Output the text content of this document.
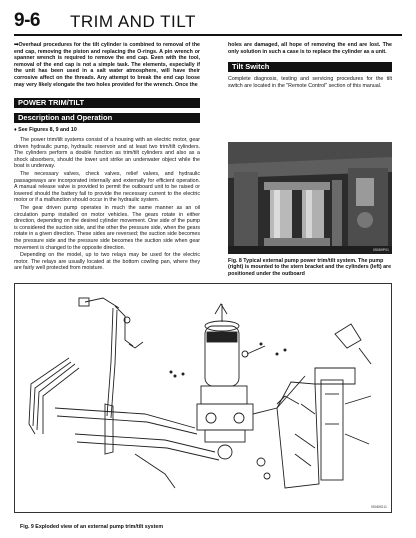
9-6 TRIM AND TILT
➡Overhaul procedures for the tilt cylinder is combined to removal of the end cap, removing the piston and replacing the O-rings. A pin wrench or spanner wrench is required to remove the end cap. Even with the tool, removal of the end cap is not a simple task. The elements, especially if the unit has been used in a salt water atmosphere, will have their corrosive affect on the threads. Any attempt to break the end cap loose may very likely elongate the two holes provided for the wrench. Once the
holes are damaged, all hope of removing the end are lost. The only solution in such a case is to replace the cylinder as a unit.
POWER TRIM/TILT
Description and Operation
Tilt Switch
Complete diagnosis, testing and servicing procedures for the tilt switch are located in the "Remote Control" section of this manual.
♦ See Figures 8, 9 and 10

The power trim/tilt systems consist of a housing with an electric motor, gear driven hydraulic pump, hydraulic reservoir and at least two trim/tilt cylinders. The cylinders perform a double function as trim/tilt cylinders and also as a shock absorbers, should the lower unit strike an underwater object while the boat is underway.

The necessary valves, check valves, relief valves, and hydraulic passageways are incorporated internally and externally for efficient operation. A manual release valve is provided to permit the outboard unit to be raised or lowered should the battery fail to provide the necessary current to the electric motor or if a malfunction should occur in the hydraulic system.

The gear driven pump operates in much the same manner as an oil circulation pump installed on motor vehicles. The gears rotate in either direction, depending on the desired cylinder movement. One side of the pump is considered the suction side, and the other the pressure side, when the gears rotate in a given direction. These sides are reversed; the suction side becomes the pressure side and the pressure side becomes the suction side when gear movement is changed to the opposite direction.

Depending on the model, up to two relays may be used for the electric motor. The relays are usually located at the bottom cowling pan, where they are fairly well protected from moisture.

05089P01
Fig. 8 Typical external pump power trim/tilt system. The pump (right) is mounted to the stern bracket and the cylinders (left) are positioned under the outboard
05089G11
Fig. 9 Exploded view of an external pump trim/tilt system
